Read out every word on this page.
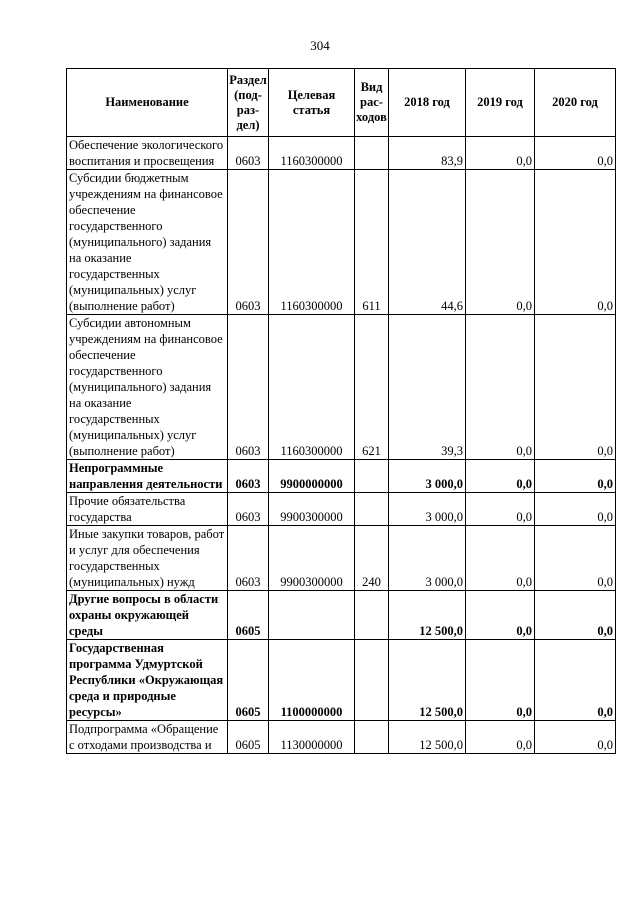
304
Наименование	Раздел (под-раз-дел)	Целевая статья	Вид рас-ходов	2018 год	2019 год	2020 год
Обеспечение экологического воспитания и просвещения	0603	1160300000		83,9	0,0	0,0
Субсидии бюджетным учреждениям на финансовое обеспечение государственного (муниципального) задания на оказание государственных (муниципальных) услуг (выполнение работ)	0603	1160300000	611	44,6	0,0	0,0
Субсидии автономным учреждениям на финансовое обеспечение государственного (муниципального) задания на оказание государственных (муниципальных) услуг (выполнение работ)	0603	1160300000	621	39,3	0,0	0,0
Непрограммные направления деятельности	0603	9900000000		3 000,0	0,0	0,0
Прочие обязательства государства	0603	9900300000		3 000,0	0,0	0,0
Иные закупки товаров, работ и услуг для обеспечения государственных (муниципальных) нужд	0603	9900300000	240	3 000,0	0,0	0,0
Другие вопросы в области охраны окружающей среды	0605			12 500,0	0,0	0,0
Государственная программа Удмуртской Республики «Окружающая среда и природные ресурсы»	0605	1100000000		12 500,0	0,0	0,0
Подпрограмма «Обращение с отходами производства и	0605	1130000000		12 500,0	0,0	0,0
